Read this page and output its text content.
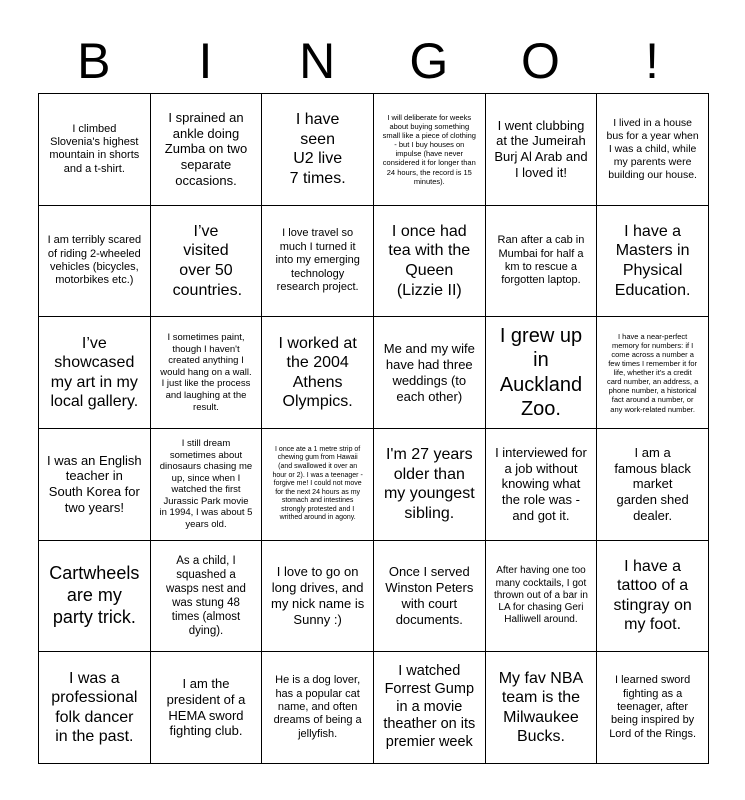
B	I	N	G	O	!
I climbed Slovenia's highest mountain in shorts and a t-shirt.	I sprained an ankle doing Zumba on two separate occasions.	I have seen U2 live 7 times.	I will deliberate for weeks about buying something small like a piece of clothing - but I buy houses on impulse (have never considered it for longer than 24 hours, the record is 15 minutes).	I went clubbing at the Jumeirah Burj Al Arab and I loved it!	I lived in a house bus for a year when I was a child, while my parents were building our house.

I am terribly scared of riding 2-wheeled vehicles (bicycles, motorbikes etc.)	I’ve visited over 50 countries.	I love travel so much I turned it into my emerging technology research project.	I once had tea with the Queen (Lizzie II)	Ran after a cab in Mumbai for half a km to rescue a forgotten laptop.	I have a Masters in Physical Education.

I’ve showcased my art in my local gallery.	I sometimes paint, though I haven't created anything I would hang on a wall. I just like the process and laughing at the result.	I worked at the 2004 Athens Olympics.	Me and my wife have had three weddings (to each other)	I grew up in Auckland Zoo.	I have a near-perfect memory for numbers: if I come across a number a few times I remember it for life, whether it's a credit card number, an address, a phone number, a historical fact around a number, or any work-related number.

I was an English teacher in South Korea for two years!	I still dream sometimes about dinosaurs chasing me up, since when I watched the first Jurassic Park movie in 1994, I was about 5 years old.	I once ate a 1 metre strip of chewing gum from Hawaii (and swallowed it over an hour or 2). I was a teenager - forgive me! I could not move for the next 24 hours as my stomach and intestines strongly protested and I writhed around in agony.	I'm 27 years older than my youngest sibling.	I interviewed for a job without knowing what the role was - and got it.	I am a famous black market garden shed dealer.

Cartwheels are my party trick.	As a child, I squashed a wasps nest and was stung 48 times (almost dying).	I love to go on long drives, and my nick name is Sunny :)	Once I served Winston Peters with court documents.	After having one too many cocktails, I got thrown out of a bar in LA for chasing Geri Halliwell around.	I have a tattoo of a stingray on my foot.

I was a professional folk dancer in the past.	I am the president of a HEMA sword fighting club.	He is a dog lover, has a popular cat name, and often dreams of being a jellyfish.	I watched Forrest Gump in a movie theather on its premier week	My fav NBA team is the Milwaukee Bucks.	I learned sword fighting as a teenager, after being inspired by Lord of the Rings.
